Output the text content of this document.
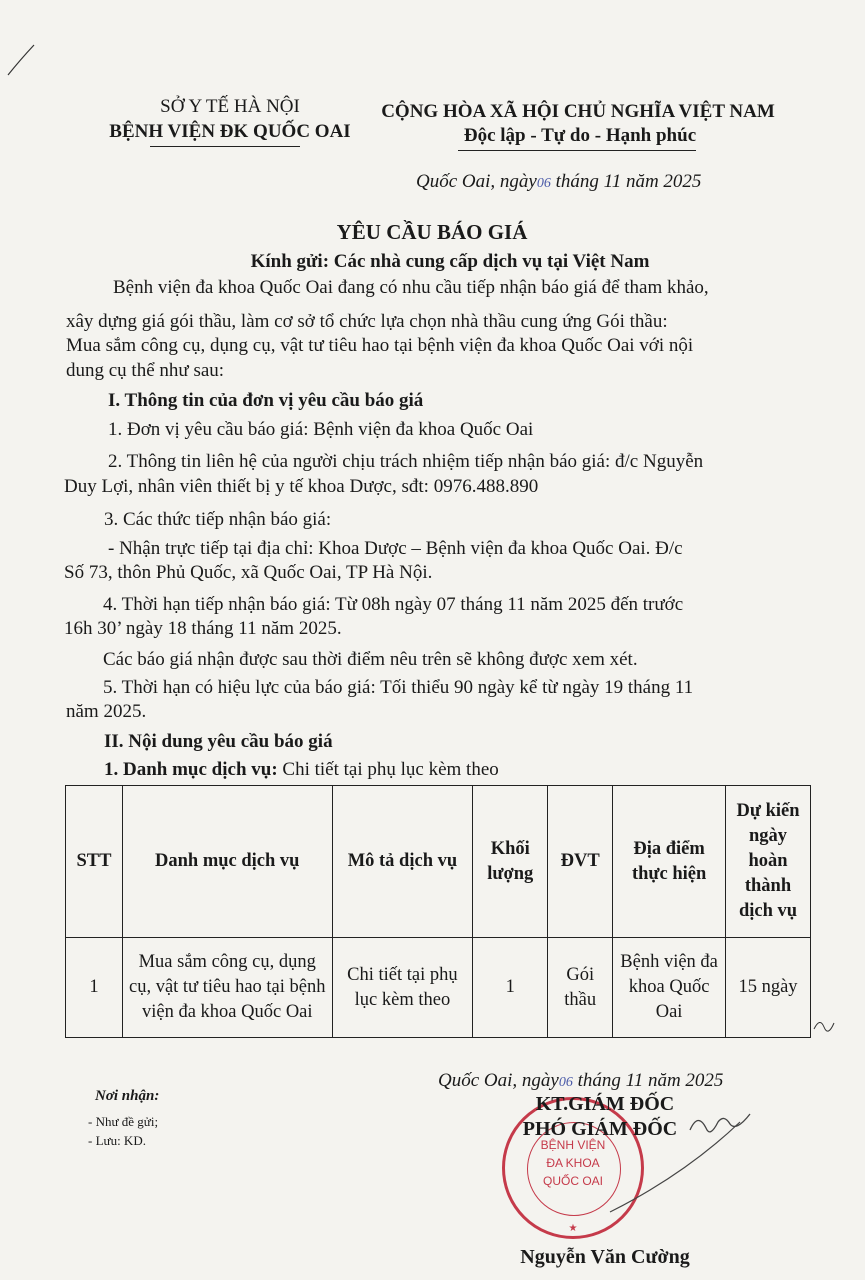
SỞ Y TẾ HÀ NỘI
BỆNH VIỆN ĐK QUỐC OAI
CỘNG HÒA XÃ HỘI CHỦ NGHĨA VIỆT NAM
Độc lập - Tự do - Hạnh phúc
Quốc Oai, ngày06 tháng 11 năm 2025
YÊU CẦU BÁO GIÁ
Kính gửi: Các nhà cung cấp dịch vụ tại Việt Nam
Bệnh viện đa khoa Quốc Oai đang có nhu cầu tiếp nhận báo giá để tham khảo,
xây dựng giá gói thầu, làm cơ sở tổ chức lựa chọn nhà thầu cung ứng Gói thầu:
Mua sắm công cụ, dụng cụ, vật tư tiêu hao tại bệnh viện đa khoa Quốc Oai với nội
dung cụ thể như sau:
I. Thông tin của đơn vị yêu cầu báo giá
1. Đơn vị yêu cầu báo giá: Bệnh viện đa khoa Quốc Oai
2. Thông tin liên hệ của người chịu trách nhiệm tiếp nhận báo giá: đ/c Nguyễn
Duy Lợi, nhân viên thiết bị y tế khoa Dược, sđt: 0976.488.890
3. Các thức tiếp nhận báo giá:
- Nhận trực tiếp tại địa chỉ: Khoa Dược – Bệnh viện đa khoa Quốc Oai. Đ/c
Số 73, thôn Phủ Quốc, xã Quốc Oai, TP Hà Nội.
4. Thời hạn tiếp nhận báo giá: Từ 08h ngày 07 tháng 11 năm 2025 đến trước
16h 30’ ngày 18 tháng 11 năm 2025.
Các báo giá nhận được sau thời điểm nêu trên sẽ không được xem xét.
5. Thời hạn có hiệu lực của báo giá: Tối thiểu 90 ngày kể từ ngày 19 tháng 11
năm 2025.
II. Nội dung yêu cầu báo giá
1. Danh mục dịch vụ: Chi tiết tại phụ lục kèm theo
STT	Danh mục dịch vụ	Mô tả dịch vụ	Khối lượng	ĐVT	Địa điểm thực hiện	Dự kiến ngày hoàn thành dịch vụ
1	Mua sắm công cụ, dụng cụ, vật tư tiêu hao tại bệnh viện đa khoa Quốc Oai	Chi tiết tại phụ lục kèm theo	1	Gói thầu	Bệnh viện đa khoa Quốc Oai	15 ngày
Quốc Oai, ngày06 tháng 11 năm 2025
Nơi nhận:
- Như đề gửi;
- Lưu: KD.	BỆNH VIỆN
ĐA KHOA
QUỐC OAI
★
KT.GIÁM ĐỐC
PHÓ GIÁM ĐỐC
Nguyễn Văn Cường
